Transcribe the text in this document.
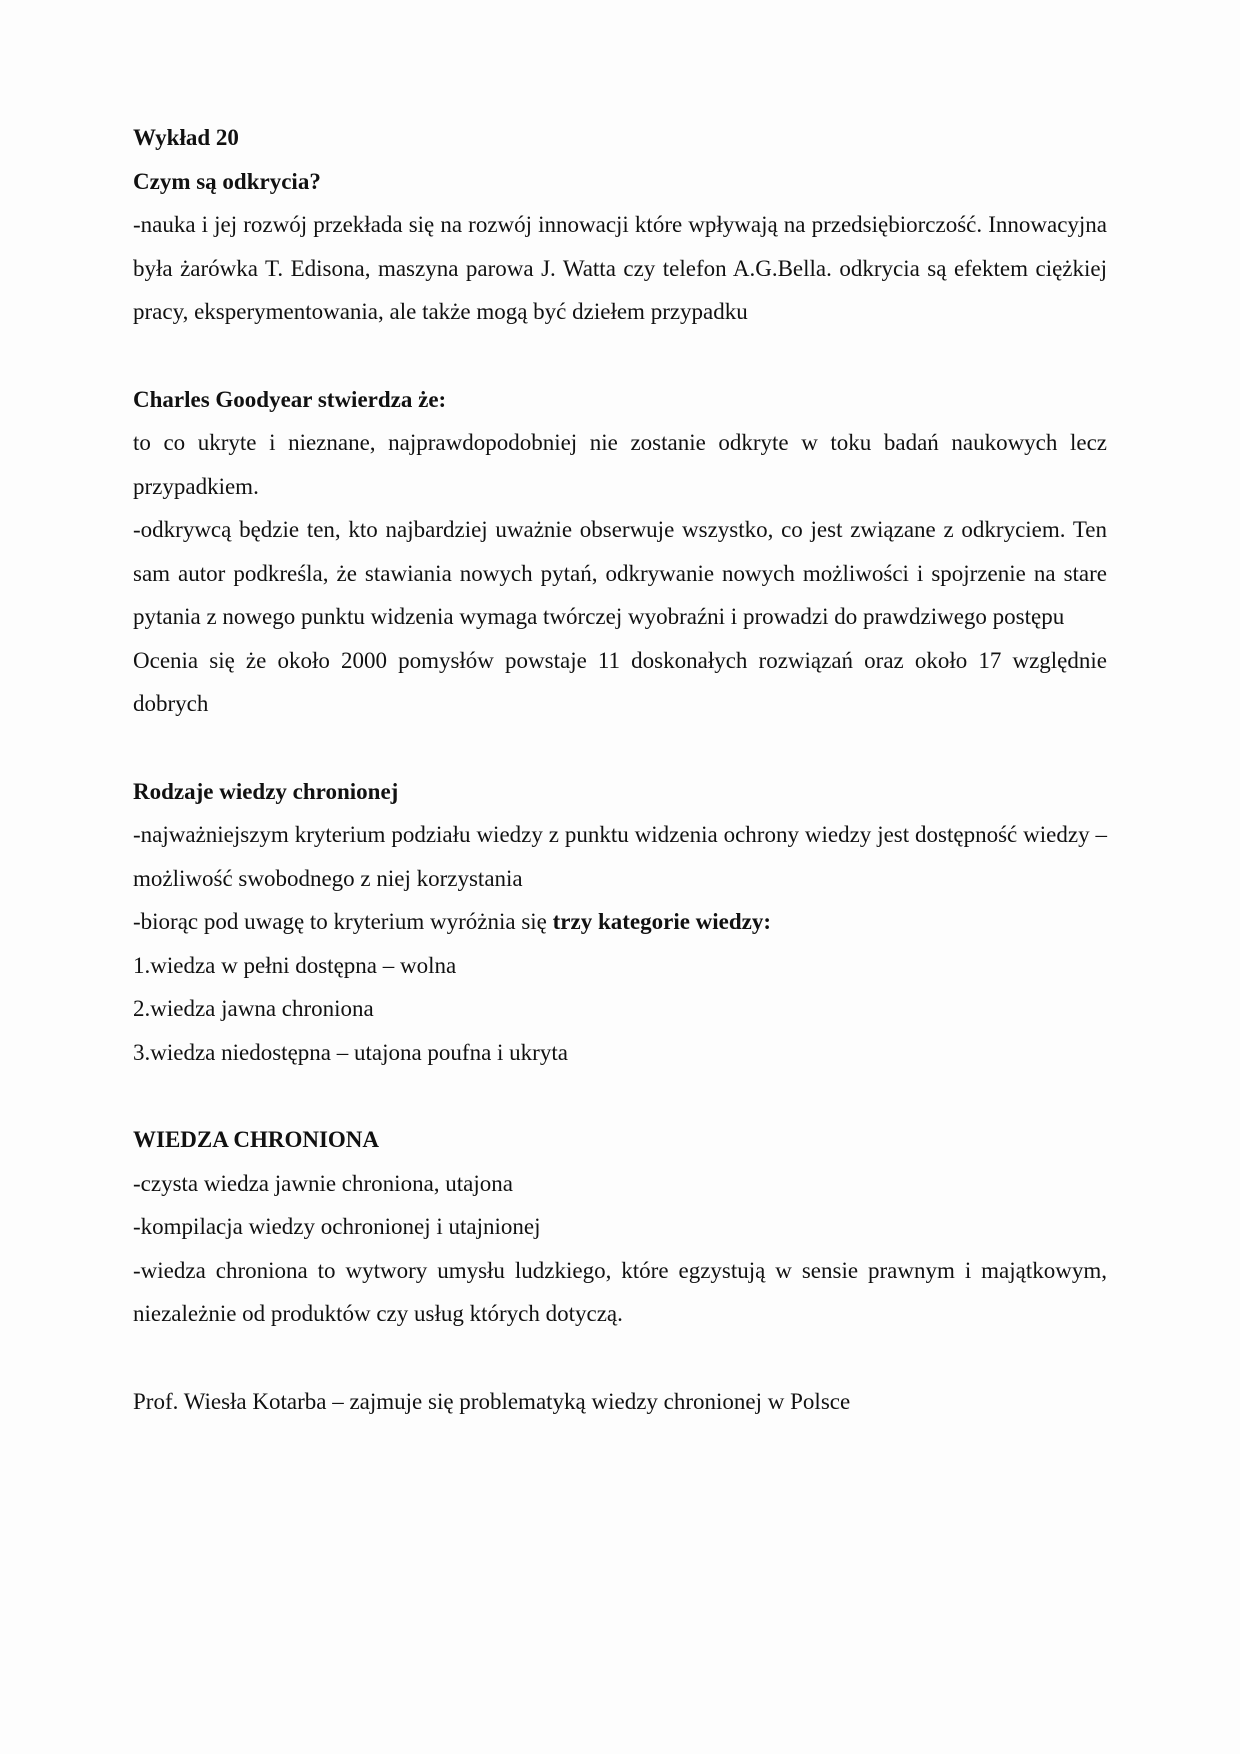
Wykład 20

Czym są odkrycia?

-nauka i jej rozwój przekłada się na rozwój innowacji które wpływają na przedsiębiorczość. Innowacyjna była żarówka T. Edisona, maszyna parowa J. Watta czy telefon A.G.Bella. odkrycia są efektem ciężkiej pracy, eksperymentowania, ale także mogą być dziełem przypadku

Charles Goodyear stwierdza że:

to co ukryte i nieznane, najprawdopodobniej nie zostanie odkryte w toku badań naukowych lecz przypadkiem.

-odkrywcą będzie ten, kto najbardziej uważnie obserwuje wszystko, co jest związane z odkryciem. Ten sam autor podkreśla, że stawiania nowych pytań, odkrywanie nowych możliwości i spojrzenie na stare pytania z nowego punktu widzenia wymaga twórczej wyobraźni i prowadzi do prawdziwego postępu

Ocenia się że około 2000 pomysłów powstaje 11 doskonałych rozwiązań oraz około 17 względnie dobrych

Rodzaje wiedzy chronionej

-najważniejszym kryterium podziału wiedzy z punktu widzenia ochrony wiedzy jest dostępność wiedzy – możliwość swobodnego z niej korzystania

-biorąc pod uwagę to kryterium wyróżnia się trzy kategorie wiedzy:

1.wiedza w pełni dostępna – wolna

2.wiedza jawna chroniona

3.wiedza niedostępna – utajona poufna i ukryta

WIEDZA CHRONIONA

-czysta wiedza jawnie chroniona, utajona

-kompilacja wiedzy ochronionej i utajnionej

-wiedza chroniona to wytwory umysłu ludzkiego, które egzystują w sensie prawnym i majątkowym, niezależnie od produktów czy usług których dotyczą.

Prof. Wiesła Kotarba – zajmuje się problematyką wiedzy chronionej w Polsce
